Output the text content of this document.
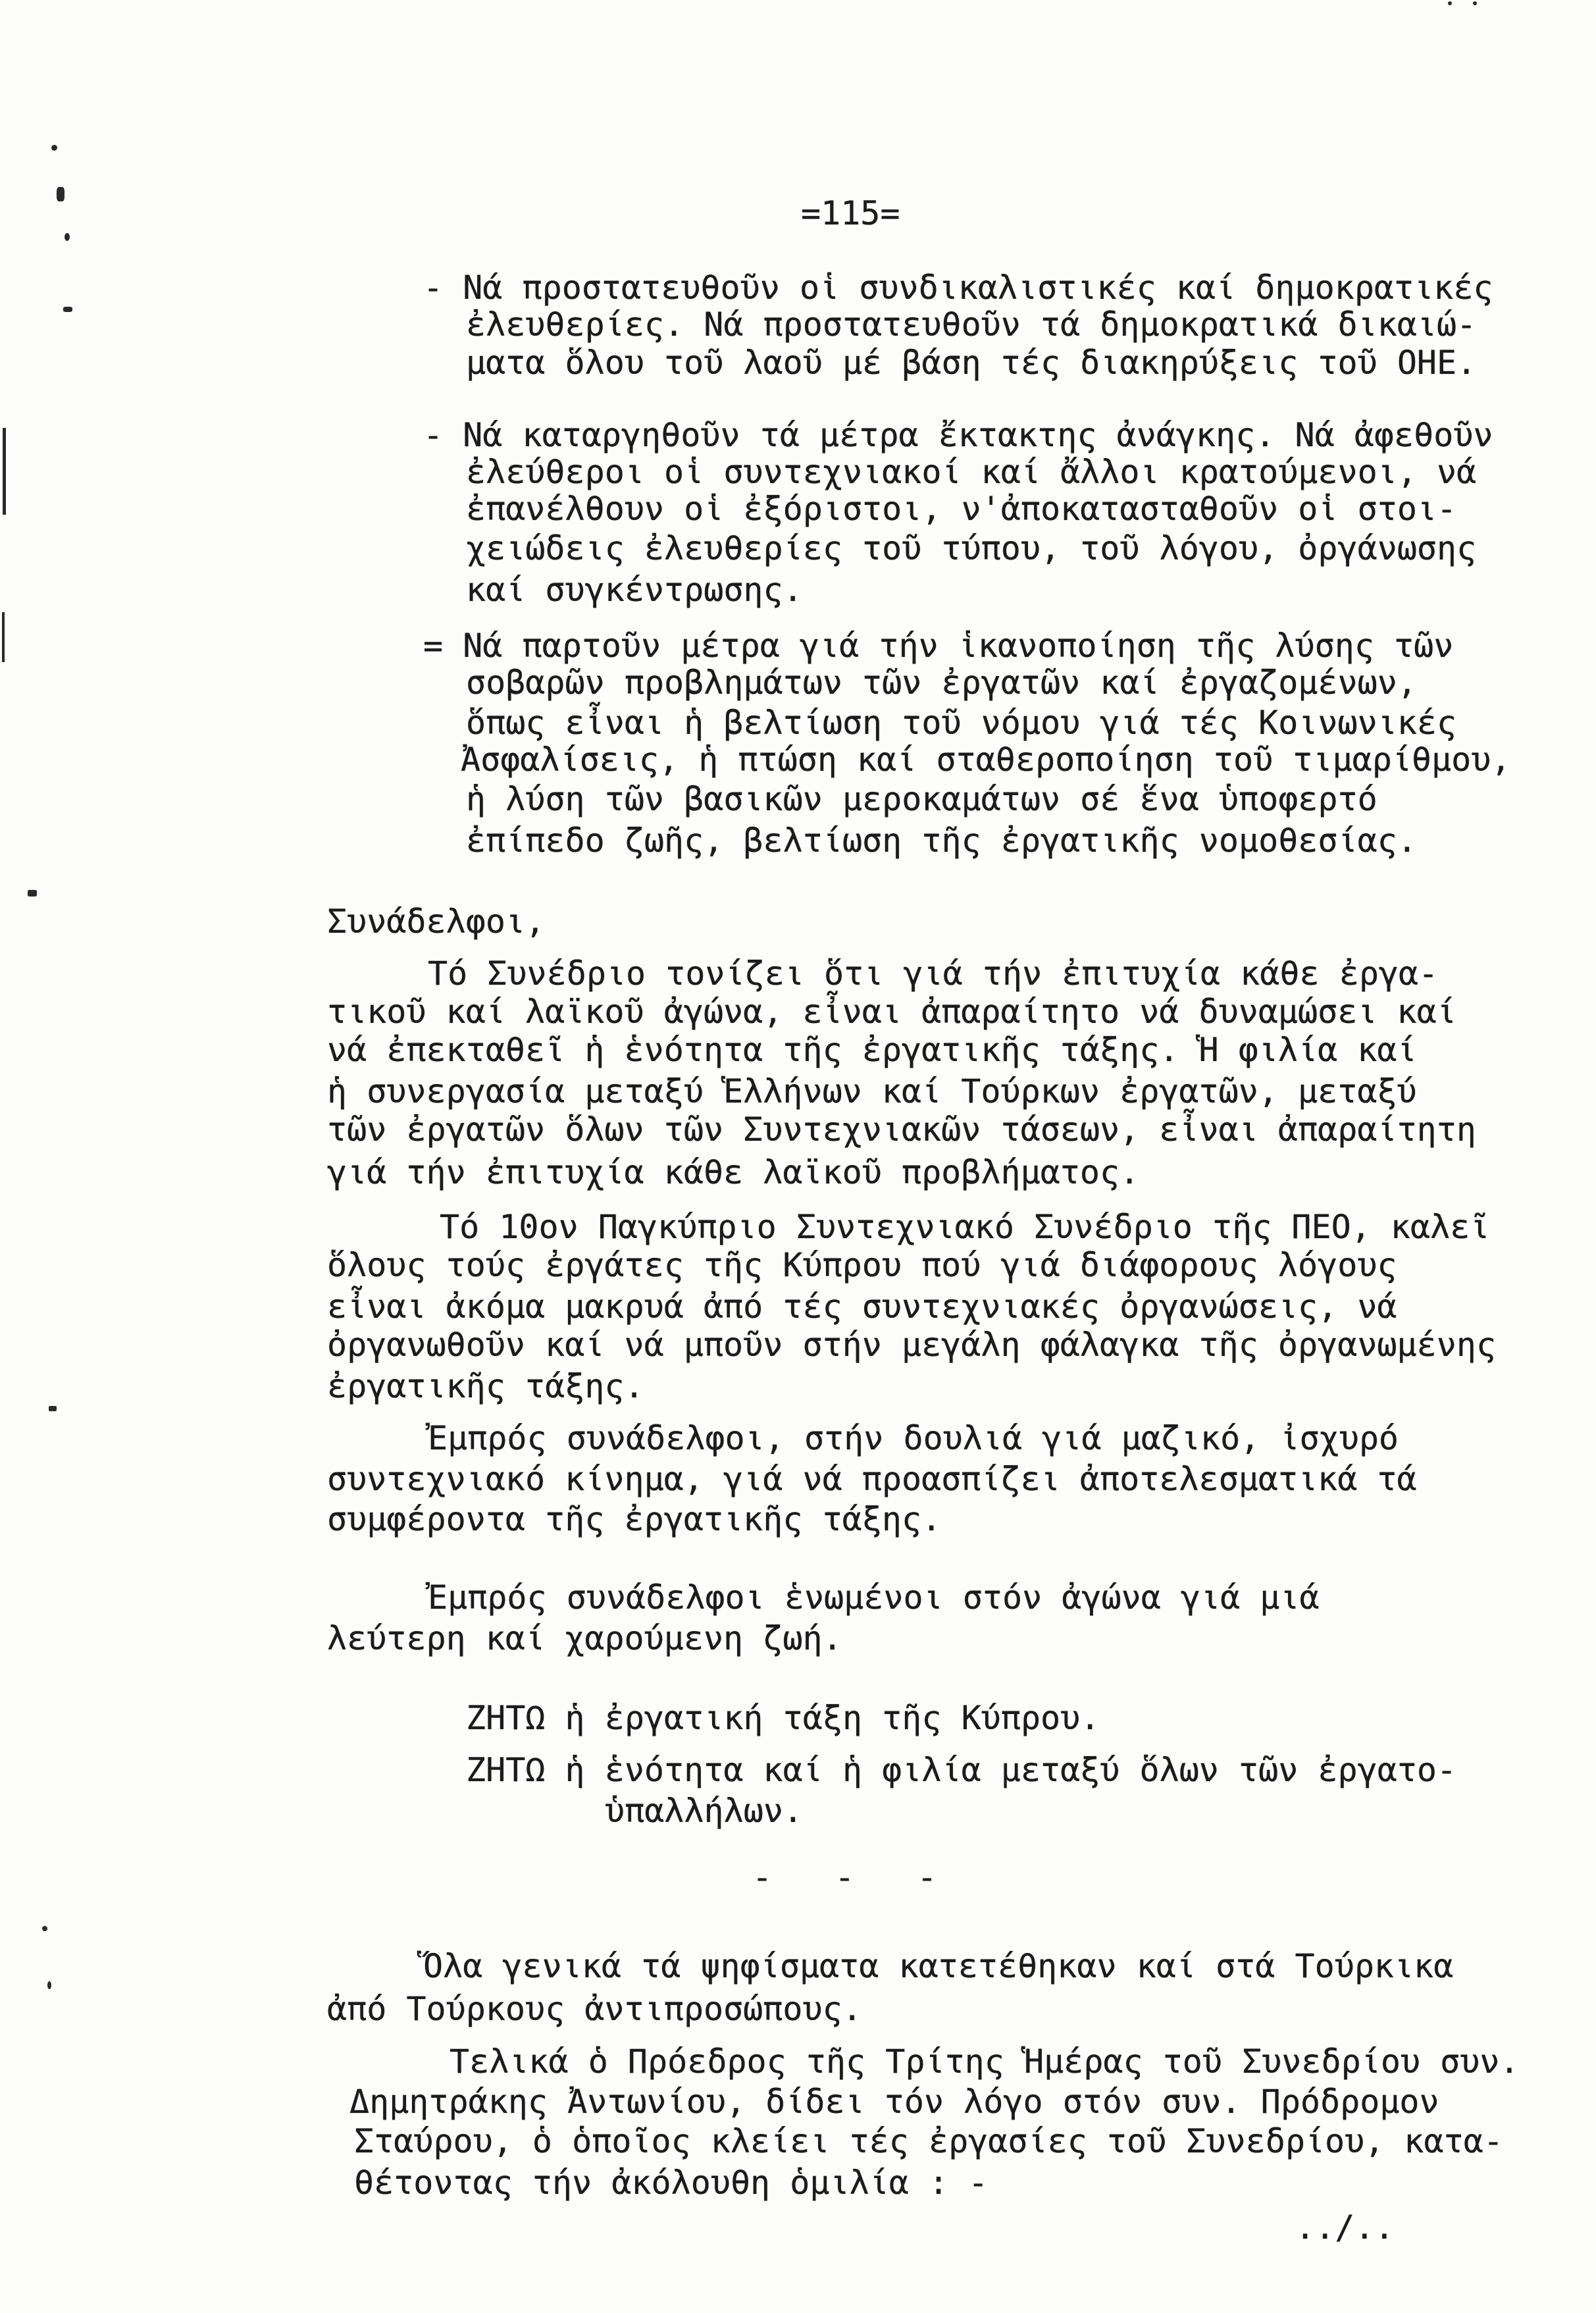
=115=
- Νά προστατευθοῦν οἱ συνδικαλιστικές καί δημοκρατικές
ἐλευθερίες. Νά προστατευθοῦν τά δημοκρατικά δικαιώ-
ματα ὅλου τοῦ λαοῦ μέ βάση τές διακηρύξεις τοῦ ΟΗΕ.
- Νά καταργηθοῦν τά μέτρα ἔκτακτης ἀνάγκης. Νά ἀφεθοῦν
ἐλεύθεροι οἱ συντεχνιακοί καί ἄλλοι κρατούμενοι, νά
ἐπανέλθουν οἱ ἐξόριστοι, ν'ἀποκατασταθοῦν οἱ στοι-
χειώδεις ἐλευθερίες τοῦ τύπου, τοῦ λόγου, ὀργάνωσης
καί συγκέντρωσης.
= Νά παρτοῦν μέτρα γιά τήν ἱκανοποίηση τῆς λύσης τῶν
σοβαρῶν προβλημάτων τῶν ἐργατῶν καί ἐργαζομένων,
ὅπως εἶναι ἡ βελτίωση τοῦ νόμου γιά τές Κοινωνικές
Ἀσφαλίσεις, ἡ πτώση καί σταθεροποίηση τοῦ τιμαρίθμου,
ἡ λύση τῶν βασικῶν μεροκαμάτων σέ ἕνα ὑποφερτό
ἐπίπεδο ζωῆς, βελτίωση τῆς ἐργατικῆς νομοθεσίας.
Συνάδελφοι,
Τό Συνέδριο τονίζει ὅτι γιά τήν ἐπιτυχία κάθε ἐργα-
τικοῦ καί λαϊκοῦ ἀγώνα, εἶναι ἀπαραίτητο νά δυναμώσει καί
νά ἐπεκταθεῖ ἡ ἑνότητα τῆς ἐργατικῆς τάξης. Ἡ φιλία καί
ἡ συνεργασία μεταξύ Ἑλλήνων καί Τούρκων ἐργατῶν, μεταξύ
τῶν ἐργατῶν ὅλων τῶν Συντεχνιακῶν τάσεων, εἶναι ἀπαραίτητη
γιά τήν ἐπιτυχία κάθε λαϊκοῦ προβλήματος.
Τό 10ον Παγκύπριο Συντεχνιακό Συνέδριο τῆς ΠΕΟ, καλεῖ
ὅλους τούς ἐργάτες τῆς Κύπρου πού γιά διάφορους λόγους
εἶναι ἀκόμα μακρυά ἀπό τές συντεχνιακές ὀργανώσεις, νά
ὀργανωθοῦν καί νά μποῦν στήν μεγάλη φάλαγκα τῆς ὀργανωμένης
ἐργατικῆς τάξης.
Ἐμπρός συνάδελφοι, στήν δουλιά γιά μαζικό, ἰσχυρό
συντεχνιακό κίνημα, γιά νά προασπίζει ἀποτελεσματικά τά
συμφέροντα τῆς ἐργατικῆς τάξης.
Ἐμπρός συνάδελφοι ἑνωμένοι στόν ἀγώνα γιά μιά
λεύτερη καί χαρούμενη ζωή.
ΖΗΤΩ ἡ ἐργατική τάξη τῆς Κύπρου.
ΖΗΤΩ ἡ ἑνότητα καί ἡ φιλία μεταξύ ὅλων τῶν ἐργατο-
ὑπαλλήλων.
- - -
Ὅλα γενικά τά ψηφίσματα κατετέθηκαν καί στά Τούρκικα
ἀπό Τούρκους ἀντιπροσώπους.
Τελικά ὁ Πρόεδρος τῆς Τρίτης Ἡμέρας τοῦ Συνεδρίου συν.
Δημητράκης Ἀντωνίου, δίδει τόν λόγο στόν συν. Πρόδρομον
Σταύρου, ὁ ὁποῖος κλείει τές ἐργασίες τοῦ Συνεδρίου, κατα-
θέτοντας τήν ἀκόλουθη ὁμιλία : -
../..
